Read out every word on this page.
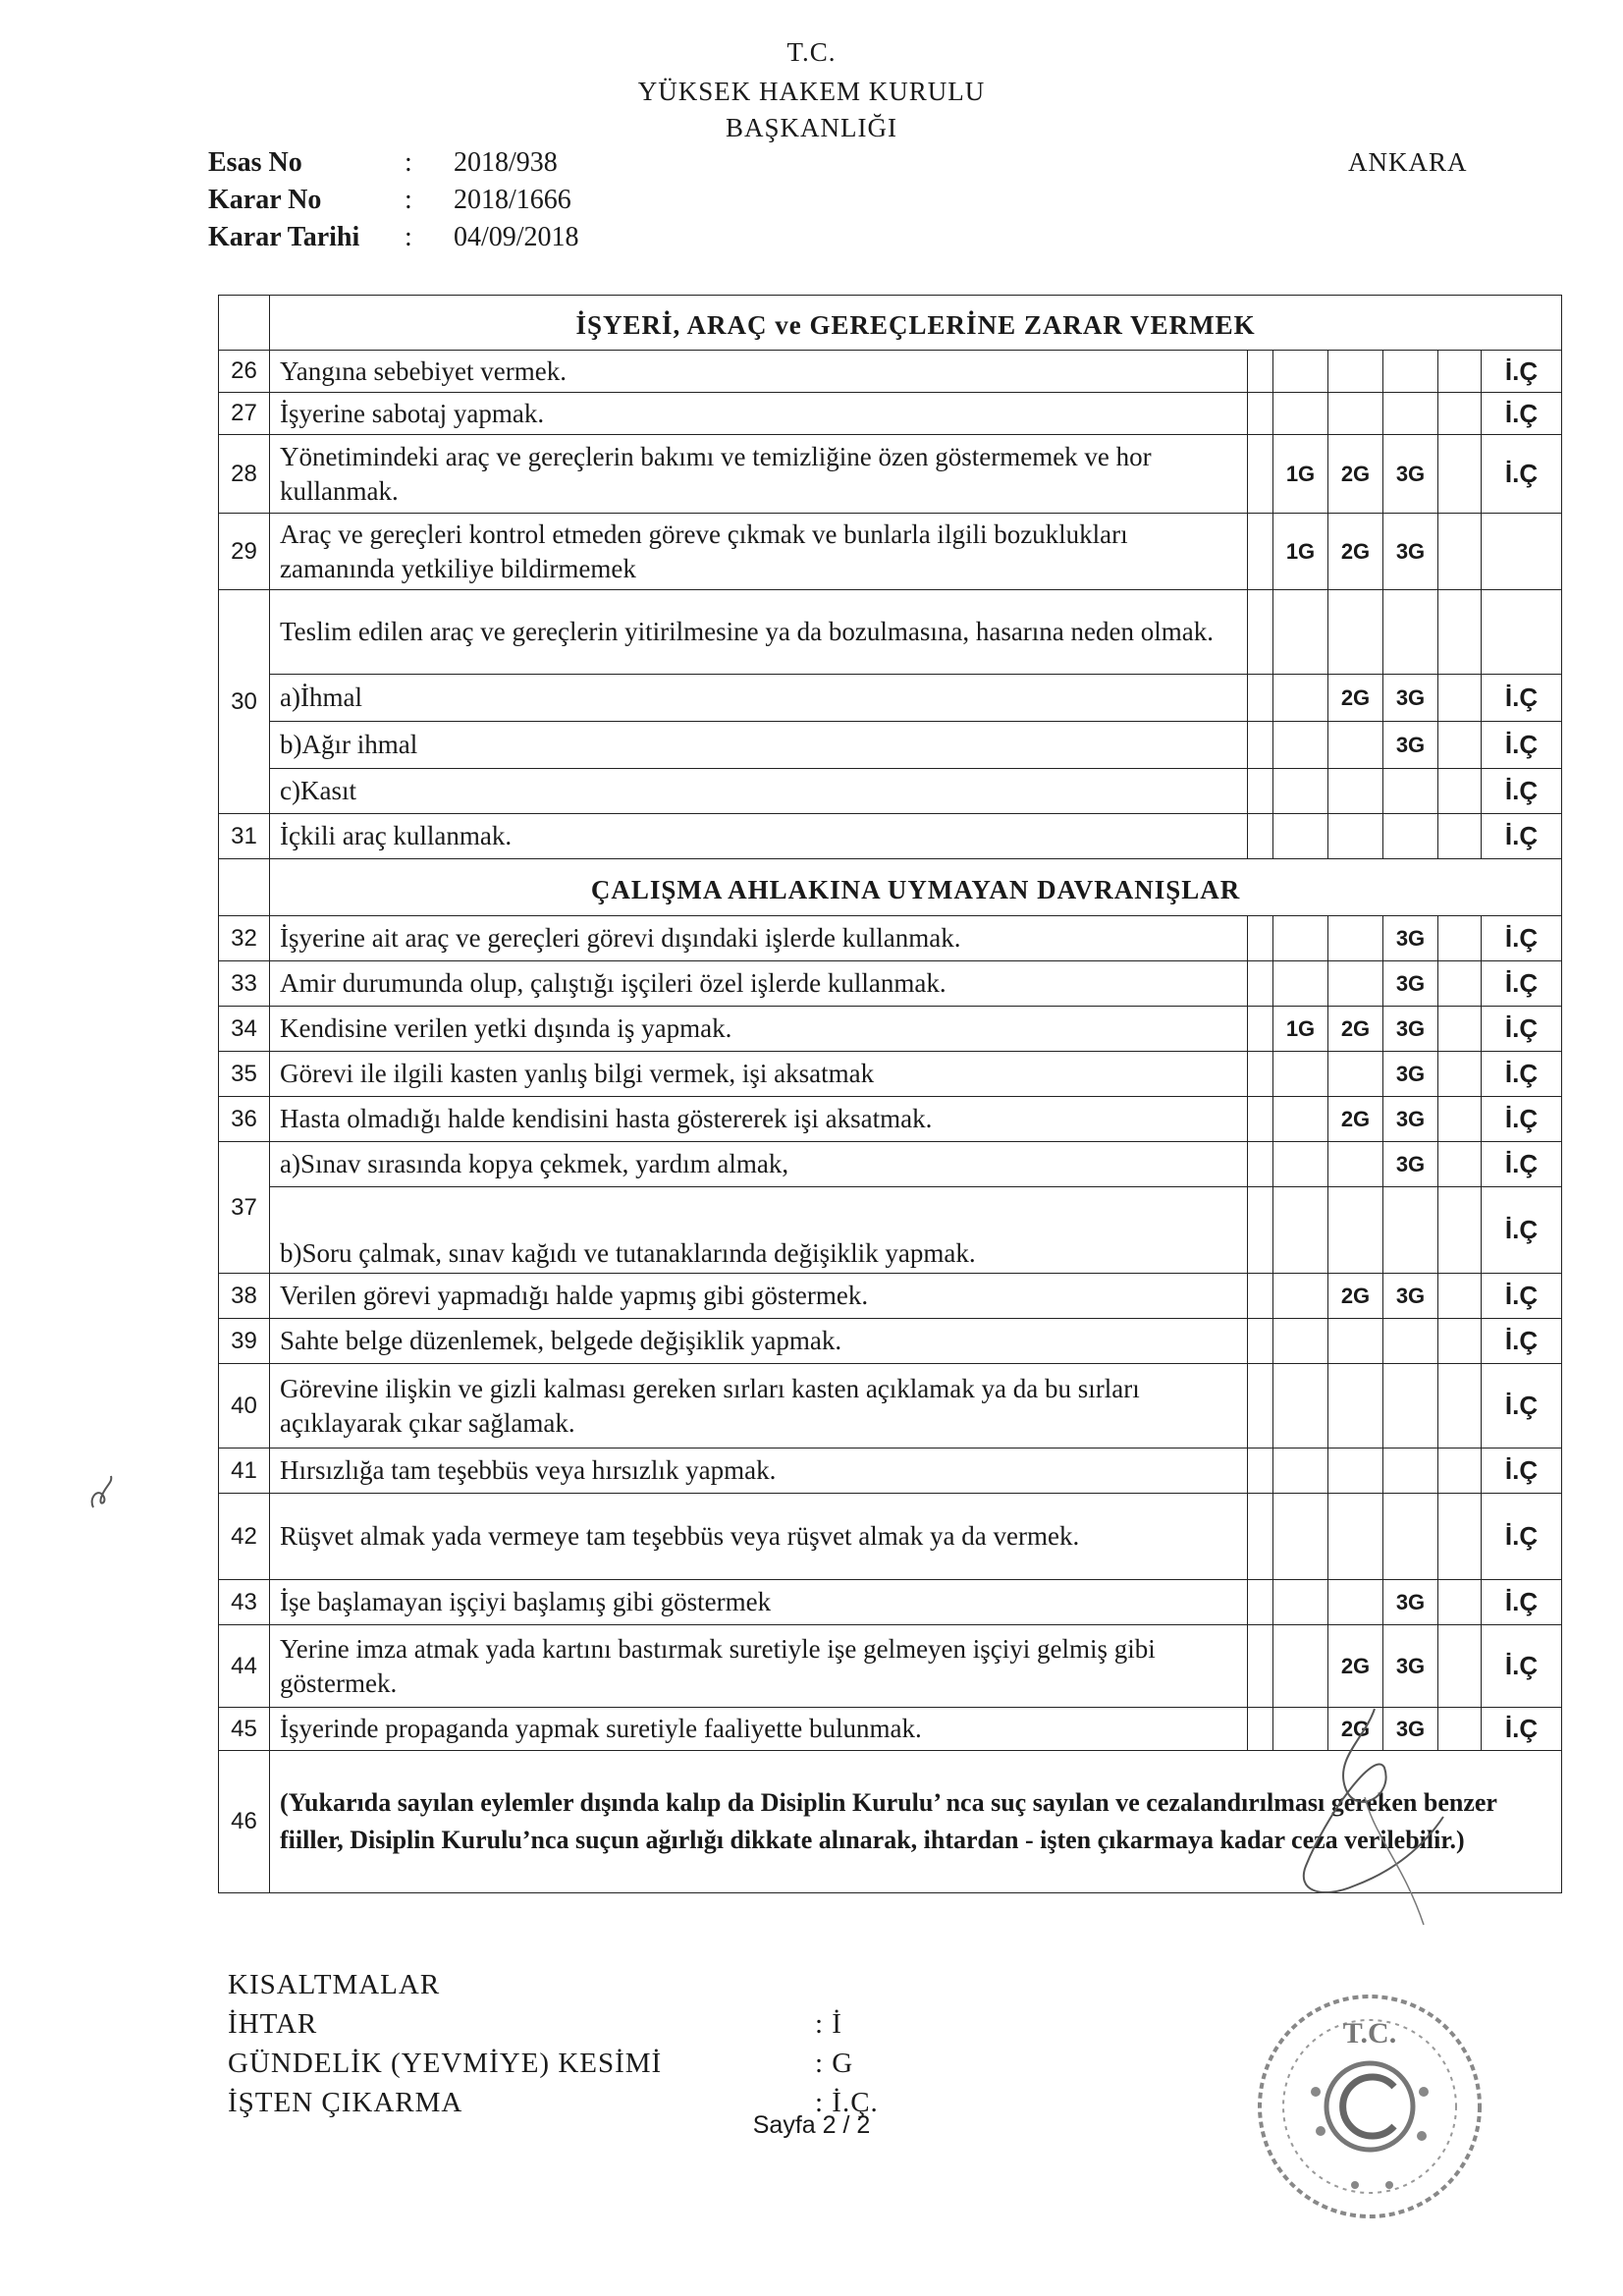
T.C.
YÜKSEK HAKEM KURULU
BAŞKANLIĞI
ANKARA
Esas No	: 2018/938
Karar No	: 2018/1666
Karar Tarihi : 04/09/2018
	İŞYERİ, ARAÇ ve GEREÇLERİNE ZARAR VERMEK						
26	Yangına sebebiyet vermek.						İ.Ç
27	İşyerine sabotaj yapmak.						İ.Ç
28	Yönetimindeki araç ve gereçlerin bakımı ve temizliğine özen göstermemek ve hor kullanmak.		1G	2G	3G		İ.Ç
29	Araç ve gereçleri kontrol etmeden göreve çıkmak ve bunlarla ilgili bozuklukları zamanında yetkiliye bildirmemek		1G	2G	3G		
30	Teslim edilen araç ve gereçlerin yitirilmesine ya da bozulmasına, hasarına neden olmak.						
	a)İhmal			2G	3G		İ.Ç
	b)Ağır ihmal				3G		İ.Ç
	c)Kasıt						İ.Ç
31	İçkili araç kullanmak.						İ.Ç
	ÇALIŞMA AHLAKINA UYMAYAN DAVRANIŞLAR						
32	İşyerine ait araç ve gereçleri görevi dışındaki işlerde kullanmak.				3G		İ.Ç
33	Amir durumunda olup, çalıştığı işçileri özel işlerde kullanmak.				3G		İ.Ç
34	Kendisine verilen yetki dışında iş yapmak.		1G	2G	3G		İ.Ç
35	Görevi ile ilgili kasten yanlış bilgi vermek, işi aksatmak				3G		İ.Ç
36	Hasta olmadığı halde kendisini hasta göstererek işi aksatmak.			2G	3G		İ.Ç
37	a)Sınav sırasında kopya çekmek, yardım almak,				3G		İ.Ç
	b)Soru çalmak, sınav kağıdı ve tutanaklarında değişiklik yapmak.						İ.Ç
38	Verilen görevi yapmadığı halde yapmış gibi göstermek.			2G	3G		İ.Ç
39	Sahte belge düzenlemek, belgede değişiklik yapmak.						İ.Ç
40	Görevine ilişkin ve gizli kalması gereken sırları kasten açıklamak ya da bu sırları açıklayarak çıkar sağlamak.						İ.Ç
41	Hırsızlığa tam teşebbüs veya hırsızlık yapmak.						İ.Ç
42	Rüşvet almak yada vermeye tam teşebbüs veya rüşvet almak ya da vermek.						İ.Ç
43	İşe başlamayan işçiyi başlamış gibi göstermek				3G		İ.Ç
44	Yerine imza atmak yada kartını bastırmak suretiyle işe gelmeyen işçiyi gelmiş gibi göstermek.			2G	3G		İ.Ç
45	İşyerinde propaganda yapmak suretiyle faaliyette bulunmak.			2G	3G		İ.Ç
46	(Yukarıda sayılan eylemler dışında kalıp da Disiplin Kurulu’ nca suç sayılan ve cezalandırılması gereken benzer fiiller, Disiplin Kurulu’nca suçun ağırlığı dikkate alınarak, ihtardan - işten çıkarmaya kadar ceza verilebilir.)						
KISALTMALAR
İHTAR	: İ
GÜNDELİK (YEVMİYE) KESİMİ	: G
İŞTEN ÇIKARMA	: İ.Ç.
Sayfa 2 / 2
T.C.
